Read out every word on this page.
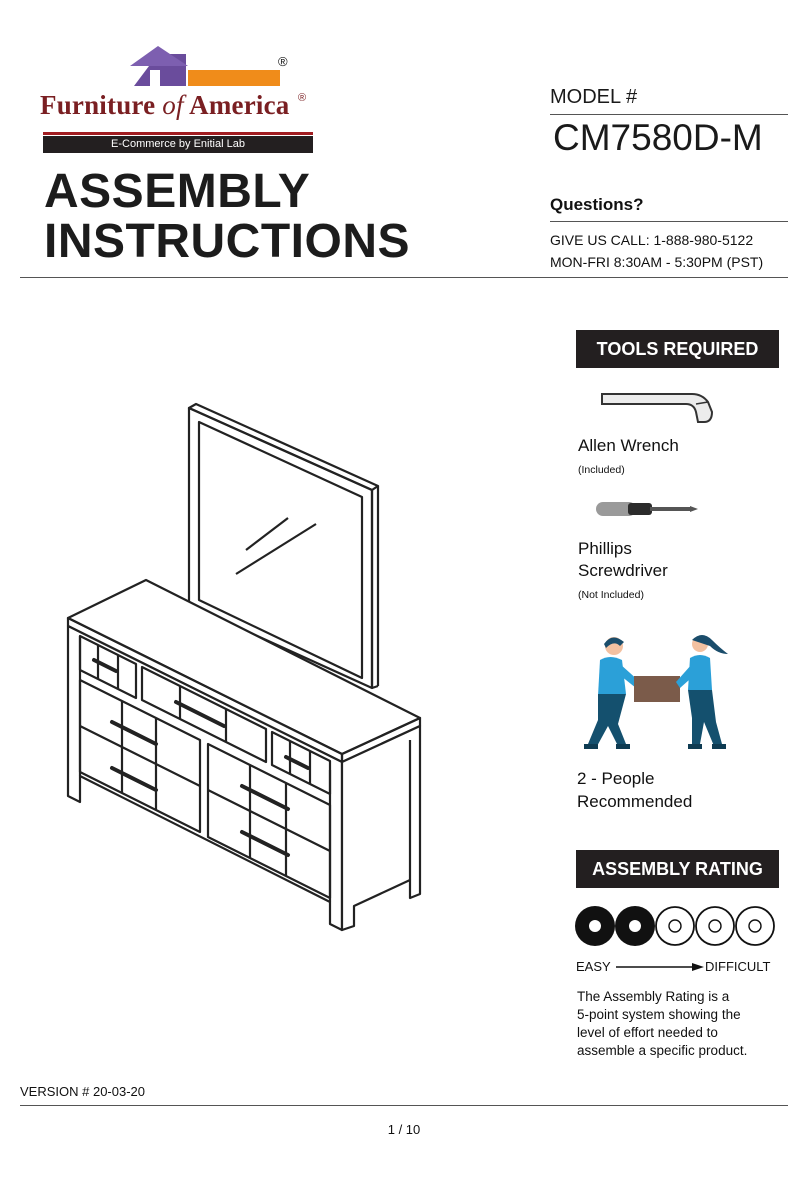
®
Furniture of America ®
E-Commerce by Enitial Lab
ASSEMBLY
INSTRUCTIONS
MODEL #
CM7580D-M
Questions?
GIVE US CALL: 1-888-980-5122
MON-FRI 8:30AM - 5:30PM (PST)
TOOLS REQUIRED
Allen Wrench
(Included)
Phillips
Screwdriver
(Not Included)
2 - People
Recommended
ASSEMBLY RATING
EASY	DIFFICULT
The Assembly Rating is a
5-point system showing the
level of effort needed to
assemble a specific product.
VERSION # 20-03-20
1 / 10
